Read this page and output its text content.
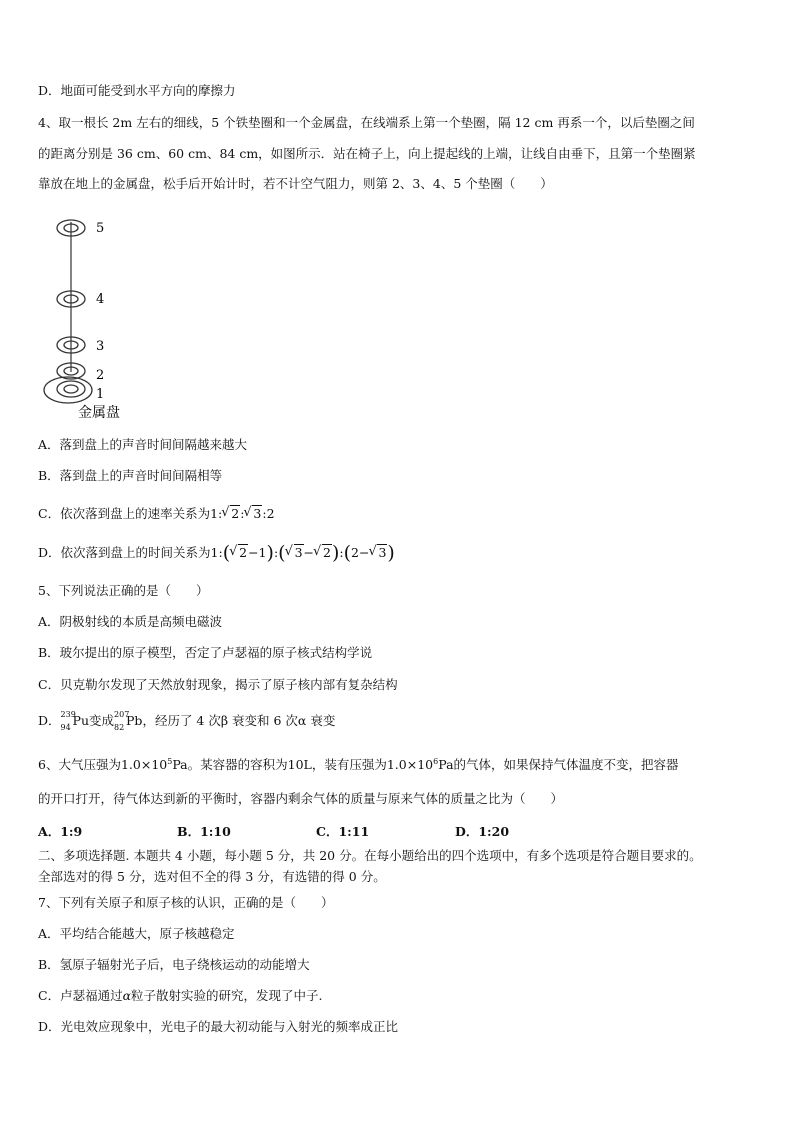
D．地面可能受到水平方向的摩擦力
4、取一根长 2m 左右的细线，5 个铁垫圈和一个金属盘，在线端系上第一个垫圈，隔 12 cm 再系一个，以后垫圈之间
的距离分别是 36 cm、60 cm、84 cm，如图所示．站在椅子上，向上提起线的上端，让线自由垂下，且第一个垫圈紧
靠放在地上的金属盘，松手后开始计时，若不计空气阻力，则第 2、3、4、5 个垫圈（　　）
5
4
3
2
1
金属盘
A．落到盘上的声音时间间隔越来越大
B．落到盘上的声音时间间隔相等
C．依次落到盘上的速率关系为1: √ 2: √ 3:2
D．依次落到盘上的时间关系为1:( √ 2−1):( √ 3− √ 2):(2− √ 3)
5、下列说法正确的是（　　）
A．阴极射线的本质是高频电磁波
B．玻尔提出的原子模型，否定了卢瑟福的原子核式结构学说
C．贝克勒尔发现了天然放射现象，揭示了原子核内部有复杂结构
D． 239
94 Pu变成 207
82 Pb，经历了 4 次β 衰变和 6 次α 衰变
6、大气压强为$1.0\times 10^5Pa$。某容器的容积为10L，装有压强为$1.0\times 10^6Pa$的气体，如果保持气体温度不变，把容器
的开口打开，待气体达到新的平衡时，容器内剩余气体的质量与原来气体的质量之比为（　　）
A．1:9	B．1:10	C．1:11	D．1:20
二、多项选择题. 本题共 4 小题，每小题 5 分，共 20 分。在每小题给出的四个选项中，有多个选项是符合题目要求的。
全部选对的得 5 分，选对但不全的得 3 分，有选错的得 0 分。
7、下列有关原子和原子核的认识，正确的是（　　）
A．平均结合能越大，原子核越稳定
B．氢原子辐射光子后，电子绕核运动的动能增大
C．卢瑟福通过α粒子散射实验的研究，发现了中子.
D．光电效应现象中，光电子的最大初动能与入射光的频率成正比
